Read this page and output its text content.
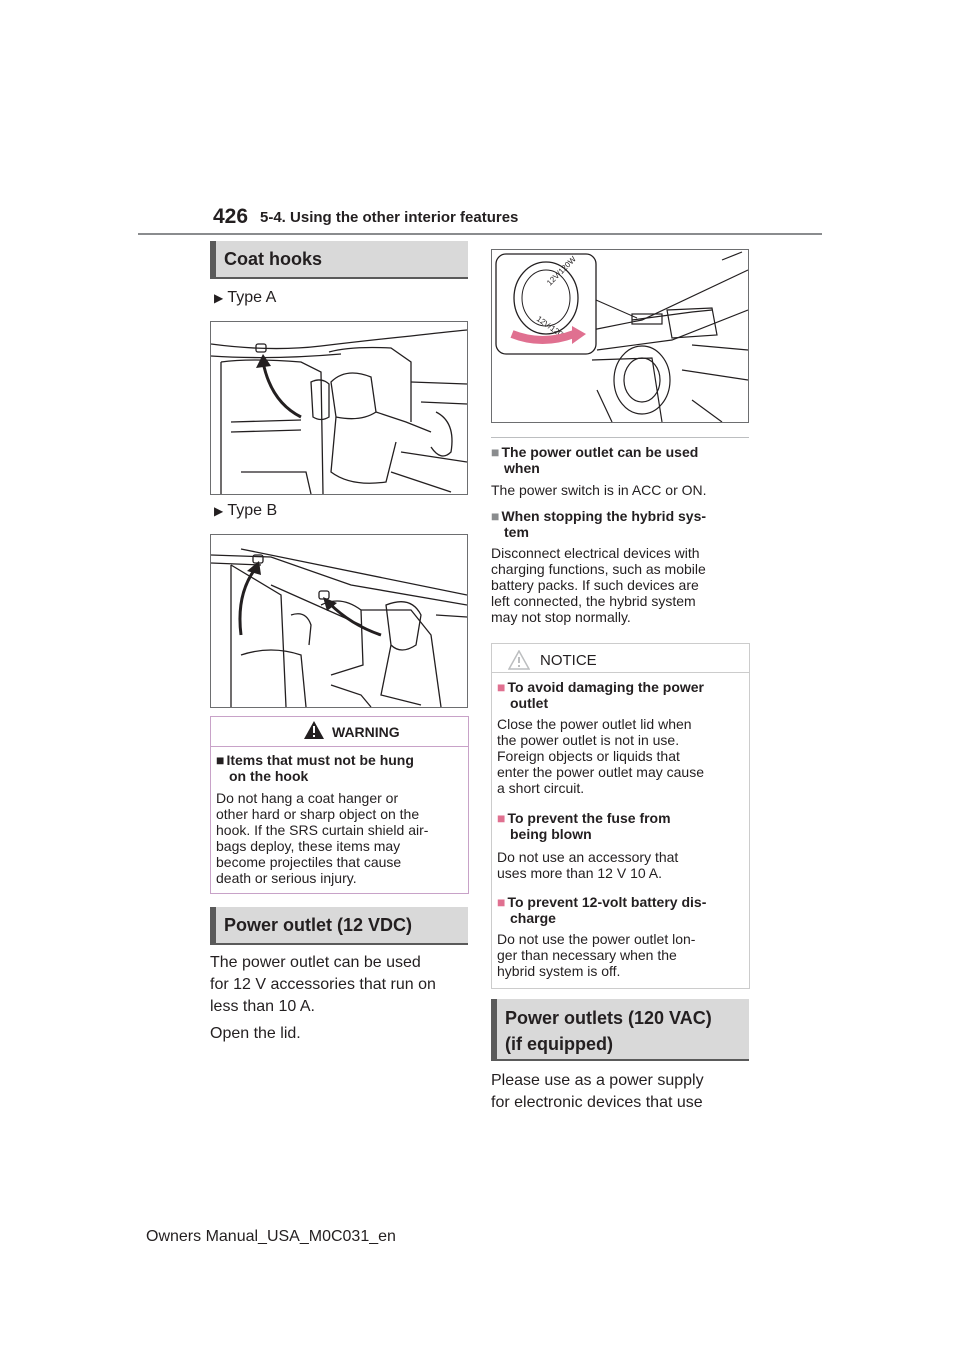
426 5-4. Using the other interior features
Coat hooks
▶ Type A
▶ Type B
WARNING
■ Items that must not be hung
on the hook
Do not hang a coat hanger or
other hard or sharp object on the
hook. If the SRS curtain shield air-
bags deploy, these items may
become projectiles that cause
death or serious injury.
Power outlet (12 VDC)
The power outlet can be used
for 12 V accessories that run on
less than 10 A.
Open the lid.
12V/120W
12V/120W
■ The power outlet can be used
when
The power switch is in ACC or ON.
■ When stopping the hybrid sys-
tem
Disconnect electrical devices with
charging functions, such as mobile
battery packs. If such devices are
left connected, the hybrid system
may not stop normally.
NOTICE
■ To avoid damaging the power
outlet
Close the power outlet lid when
the power outlet is not in use.
Foreign objects or liquids that
enter the power outlet may cause
a short circuit.
■ To prevent the fuse from
being blown
Do not use an accessory that
uses more than 12 V 10 A.
■ To prevent 12-volt battery dis-
charge
Do not use the power outlet lon-
ger than necessary when the
hybrid system is off.
Power outlets (120 VAC)
(if equipped)
Please use as a power supply
for electronic devices that use
Owners Manual_USA_M0C031_en
